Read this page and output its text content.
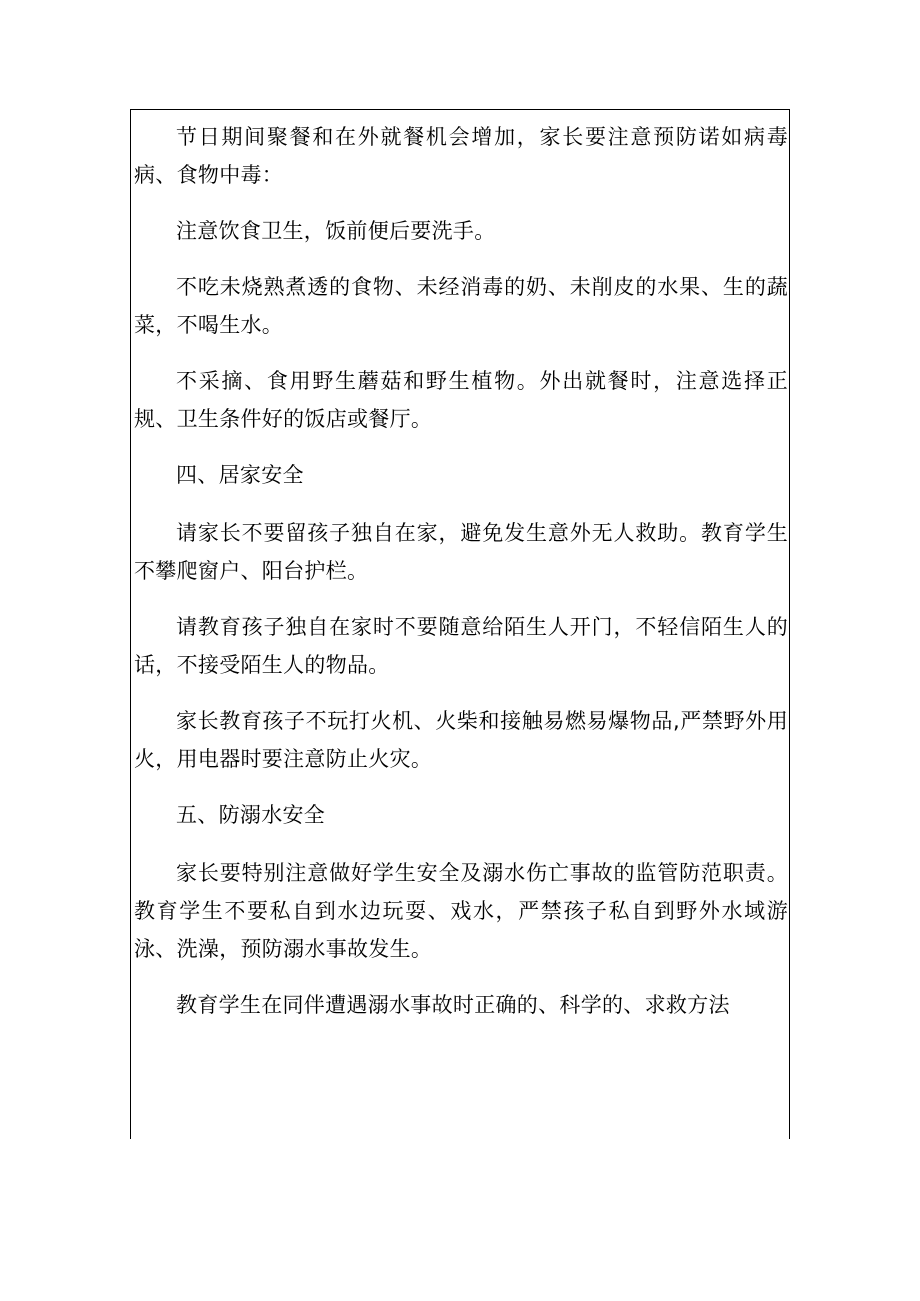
节日期间聚餐和在外就餐机会增加，家长要注意预防诺如病毒病、食物中毒：

注意饮食卫生，饭前便后要洗手。

不吃未烧熟煮透的食物、未经消毒的奶、未削皮的水果、生的蔬菜，不喝生水。

不采摘、食用野生蘑菇和野生植物。外出就餐时，注意选择正规、卫生条件好的饭店或餐厅。

四、居家安全

请家长不要留孩子独自在家，避免发生意外无人救助。教育学生不攀爬窗户、阳台护栏。

请教育孩子独自在家时不要随意给陌生人开门，不轻信陌生人的话，不接受陌生人的物品。

家长教育孩子不玩打火机、火柴和接触易燃易爆物品,严禁野外用火，用电器时要注意防止火灾。

五、防溺水安全

家长要特别注意做好学生安全及溺水伤亡事故的监管防范职责。教育学生不要私自到水边玩耍、戏水，严禁孩子私自到野外水域游泳、洗澡，预防溺水事故发生。

教育学生在同伴遭遇溺水事故时正确的、科学的、求救方法
